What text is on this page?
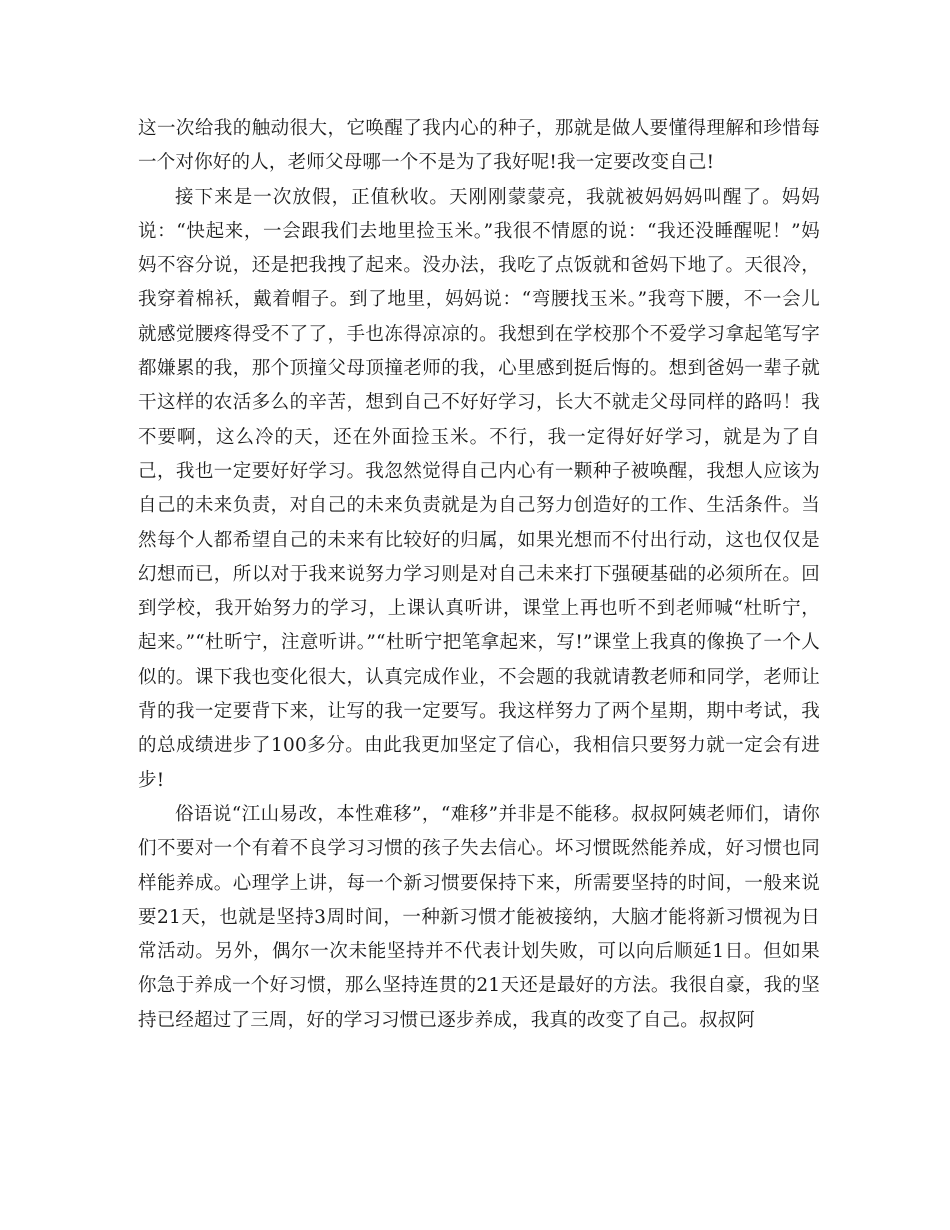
这一次给我的触动很大，它唤醒了我内心的种子，那就是做人要懂得理解和珍惜每一个对你好的人，老师父母哪一个不是为了我好呢!我一定要改变自己!

接下来是一次放假，正值秋收。天刚刚蒙蒙亮，我就被妈妈妈叫醒了。妈妈说：“快起来，一会跟我们去地里捡玉米。”我很不情愿的说：“我还没睡醒呢！”妈妈不容分说，还是把我拽了起来。没办法，我吃了点饭就和爸妈下地了。天很冷，我穿着棉袄，戴着帽子。到了地里，妈妈说：“弯腰找玉米。”我弯下腰，不一会儿就感觉腰疼得受不了了，手也冻得凉凉的。我想到在学校那个不爱学习拿起笔写字都嫌累的我，那个顶撞父母顶撞老师的我，心里感到挺后悔的。想到爸妈一辈子就干这样的农活多么的辛苦，想到自己不好好学习，长大不就走父母同样的路吗！我不要啊，这么冷的天，还在外面捡玉米。不行，我一定得好好学习，就是为了自己，我也一定要好好学习。我忽然觉得自己内心有一颗种子被唤醒，我想人应该为自己的未来负责，对自己的未来负责就是为自己努力创造好的工作、生活条件。当然每个人都希望自己的未来有比较好的归属，如果光想而不付出行动，这也仅仅是幻想而已，所以对于我来说努力学习则是对自己未来打下强硬基础的必须所在。回到学校，我开始努力的学习，上课认真听讲，课堂上再也听不到老师喊“杜昕宁，起来。”“杜昕宁，注意听讲。”“杜昕宁把笔拿起来，写!”课堂上我真的像换了一个人似的。课下我也变化很大，认真完成作业，不会题的我就请教老师和同学，老师让背的我一定要背下来，让写的我一定要写。我这样努力了两个星期，期中考试，我的总成绩进步了100多分。由此我更加坚定了信心，我相信只要努力就一定会有进步!

俗语说“江山易改，本性难移”，“难移”并非是不能移。叔叔阿姨老师们，请你们不要对一个有着不良学习习惯的孩子失去信心。坏习惯既然能养成，好习惯也同样能养成。心理学上讲，每一个新习惯要保持下来，所需要坚持的时间，一般来说要21天，也就是坚持3周时间，一种新习惯才能被接纳，大脑才能将新习惯视为日常活动。另外，偶尔一次未能坚持并不代表计划失败，可以向后顺延1日。但如果你急于养成一个好习惯，那么坚持连贯的21天还是最好的方法。我很自豪，我的坚持已经超过了三周，好的学习习惯已逐步养成，我真的改变了自己。叔叔阿
